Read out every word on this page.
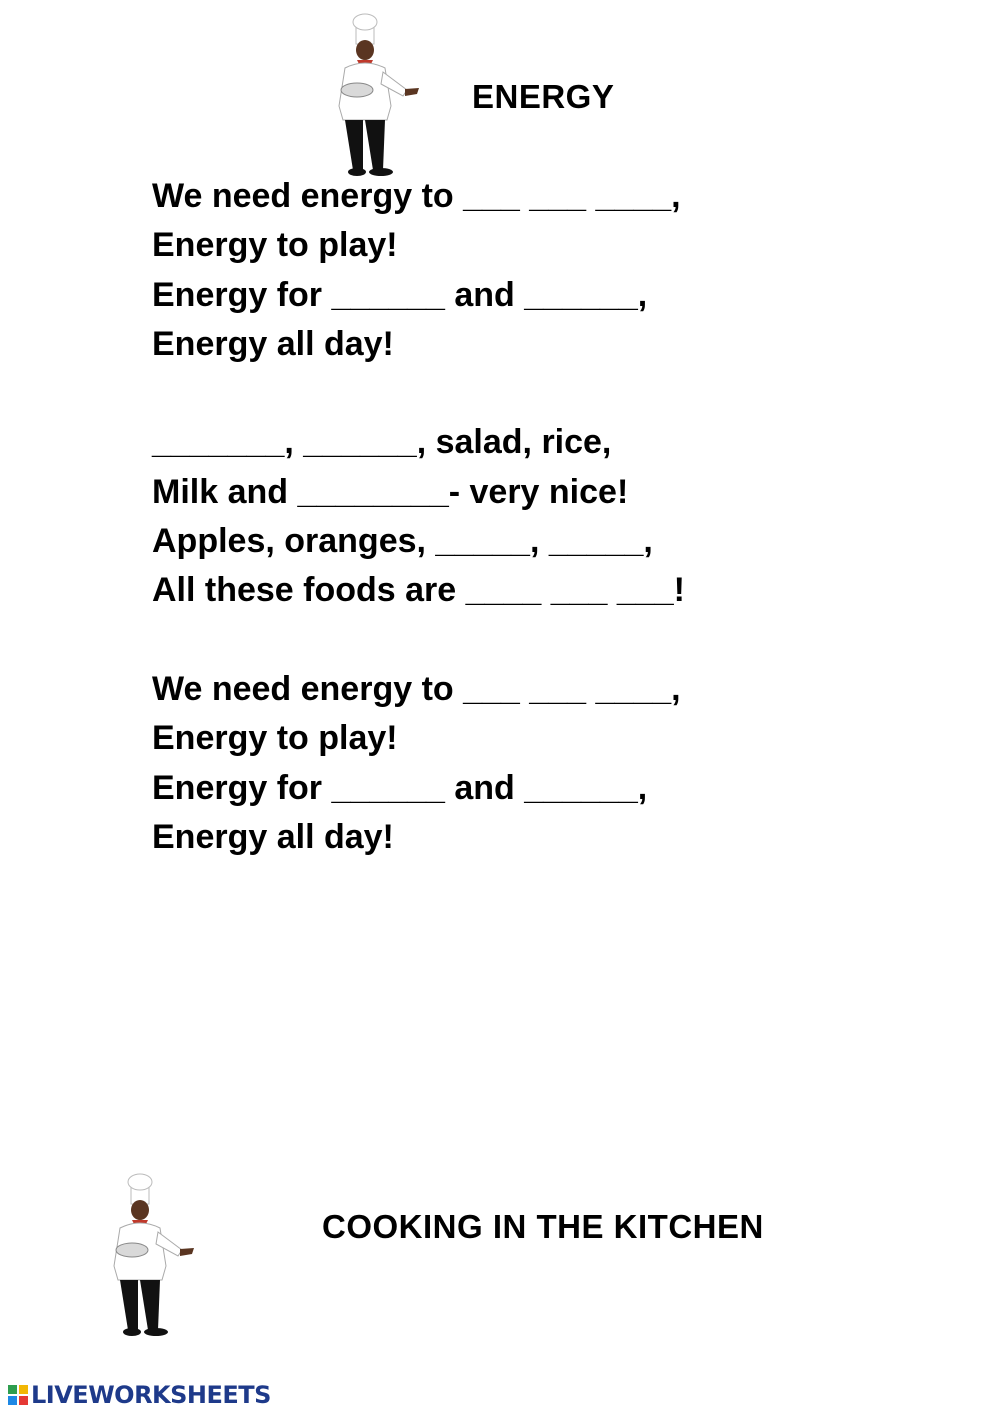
ENERGY
We need energy to ___ ___ ____,
Energy to play!
Energy for ______ and ______,
Energy all day!
_______, ______, salad, rice,
Milk and ________- very nice!
Apples, oranges, _____, _____,
All these foods are ____ ___ ___!
We need energy to ___ ___ ____,
Energy to play!
Energy for ______ and ______,
Energy all day!
COOKING IN THE KITCHEN
LIVEWORKSHEETS
